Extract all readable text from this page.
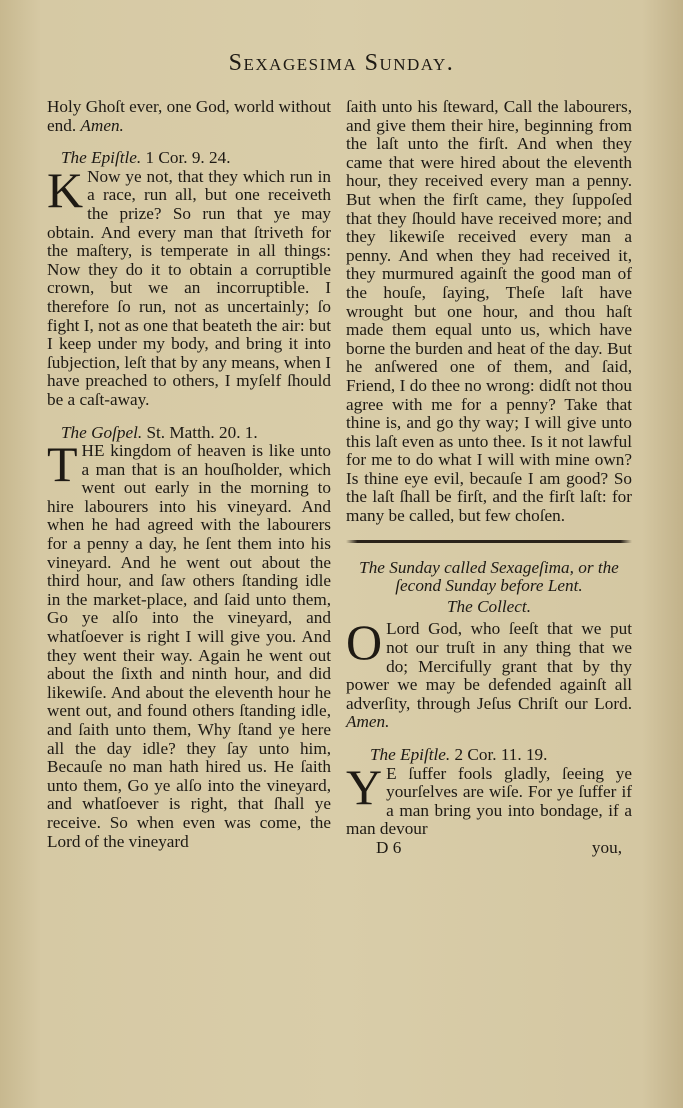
Sexagesima Sunday.

Holy Ghoſt ever, one God, world without end. Amen.

The Epiſtle. 1 Cor. 9. 24.

K Now ye not, that they which run in a race, run all, but one receiveth the prize? So run that ye may obtain. And every man that ſtriveth for the maſtery, is temperate in all things: Now they do it to obtain a corruptible crown, but we an incorruptible. I therefore ſo run, not as uncertainly; ſo fight I, not as one that beateth the air: but I keep under my body, and bring it into ſubjection, leſt that by any means, when I have preached to others, I myſelf ſhould be a caſt-away.

The Goſpel. St. Matth. 20. 1.

T HE kingdom of heaven is like unto a man that is an houſholder, which went out early in the morning to hire labourers into his vineyard. And when he had agreed with the labourers for a penny a day, he ſent them into his vineyard. And he went out about the third hour, and ſaw others ſtanding idle in the market-place, and ſaid unto them, Go ye alſo into the vineyard, and whatſoever is right I will give you. And they went their way. Again he went out about the ſixth and ninth hour, and did likewiſe. And about the eleventh hour he went out, and found others ſtanding idle, and ſaith unto them, Why ſtand ye here all the day idle? they ſay unto him, Becauſe no man hath hired us. He ſaith unto them, Go ye alſo into the vineyard, and whatſoever is right, that ſhall ye receive. So when even was come, the Lord of the vineyard

ſaith unto his ſteward, Call the labourers, and give them their hire, beginning from the laſt unto the firſt. And when they came that were hired about the eleventh hour, they received every man a penny. But when the firſt came, they ſuppoſed that they ſhould have received more; and they likewiſe received every man a penny. And when they had received it, they murmured againſt the good man of the houſe, ſaying, Theſe laſt have wrought but one hour, and thou haſt made them equal unto us, which have borne the burden and heat of the day. But he anſwered one of them, and ſaid, Friend, I do thee no wrong: didſt not thou agree with me for a penny? Take that thine is, and go thy way; I will give unto this laſt even as unto thee. Is it not lawful for me to do what I will with mine own? Is thine eye evil, becauſe I am good? So the laſt ſhall be firſt, and the firſt laſt: for many be called, but few choſen.

The Sunday called Sexageſima, or the ſecond Sunday before Lent.

The Collect.

O Lord God, who ſeeſt that we put not our truſt in any thing that we do; Mercifully grant that by thy power we may be defended againſt all adverſity, through Jeſus Chriſt our Lord. Amen.

The Epiſtle. 2 Cor. 11. 19.

Y E ſuffer fools gladly, ſeeing ye yourſelves are wiſe. For ye ſuffer if a man bring you into bondage, if a man devour

D 6	you,
